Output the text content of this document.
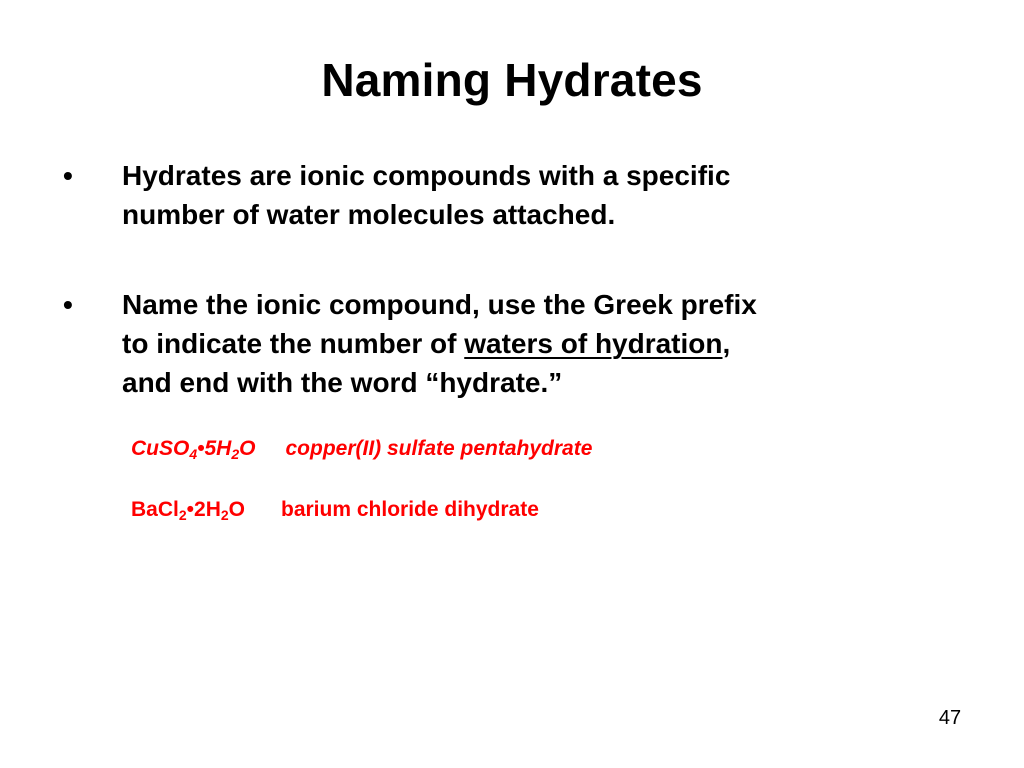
Naming Hydrates
• Hydrates are ionic compounds with a specific
number of water molecules attached.
• Name the ionic compound, use the Greek prefix
to indicate the number of waters of hydration,
and end with the word “hydrate.”
$CuSO_4•5H_2O$ copper(II) sulfate pentahydrate
$BaCl_2•2H_2O$ barium chloride dihydrate
47
